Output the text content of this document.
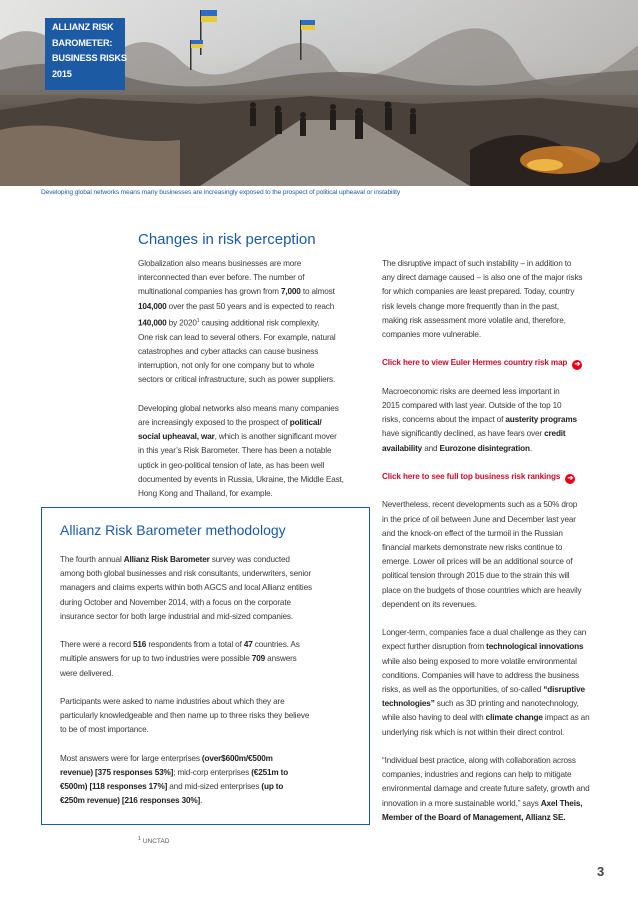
ALLIANZ RISK
BAROMETER:
BUSINESS RISKS
2015
Developing global networks means many businesses are increasingly exposed to the prospect of political upheaval or instability
Changes in risk perception

Globalization also means businesses are more
interconnected than ever before. The number of
multinational companies has grown from 7,000 to almost
104,000 over the past 50 years and is expected to reach
140,000 by 2020$^1$ causing additional risk complexity.
One risk can lead to several others. For example, natural
catastrophes and cyber attacks can cause business
interruption, not only for one company but to whole
sectors or critical infrastructure, such as power suppliers.

Developing global networks also means many companies
are increasingly exposed to the prospect of political/
social upheaval, war, which is another significant mover
in this year’s Risk Barometer. There has been a notable
uptick in geo-political tension of late, as has been well
documented by events in Russia, Ukraine, the Middle East,
Hong Kong and Thailand, for example.

The disruptive impact of such instability – in addition to
any direct damage caused – is also one of the major risks
for which companies are least prepared. Today, country
risk levels change more frequently than in the past,
making risk assessment more volatile and, therefore,
companies more vulnerable.

Click here to view Euler Hermes country risk map ➔

Macroeconomic risks are deemed less important in
2015 compared with last year. Outside of the top 10
risks, concerns about the impact of austerity programs
have significantly declined, as have fears over credit
availability and Eurozone disintegration.

Click here to see full top business risk rankings ➔

Nevertheless, recent developments such as a 50% drop
in the price of oil between June and December last year
and the knock-on effect of the turmoil in the Russian
financial markets demonstrate new risks continue to
emerge. Lower oil prices will be an additional source of
political tension through 2015 due to the strain this will
place on the budgets of those countries which are heavily
dependent on its revenues.

Longer-term, companies face a dual challenge as they can
expect further disruption from technological innovations
while also being exposed to more volatile environmental
conditions. Companies will have to address the business
risks, as well as the opportunities, of so-called “disruptive
technologies” such as 3D printing and nanotechnology,
while also having to deal with climate change impact as an
underlying risk which is not within their direct control.

“Individual best practice, along with collaboration across
companies, industries and regions can help to mitigate
environmental damage and create future safety, growth and
innovation in a more sustainable world,” says Axel Theis,
Member of the Board of Management, Allianz SE.

Allianz Risk Barometer methodology

The fourth annual Allianz Risk Barometer survey was conducted
among both global businesses and risk consultants, underwriters, senior
managers and claims experts within both AGCS and local Allianz entities
during October and November 2014, with a focus on the corporate
insurance sector for both large industrial and mid-sized companies.

There were a record 516 respondents from a total of 47 countries. As
multiple answers for up to two industries were possible 709 answers
were delivered.

Participants were asked to name industries about which they are
particularly knowledgeable and then name up to three risks they believe
to be of most importance.

Most answers were for large enterprises (over$600m/€500m
revenue) [375 responses 53%]; mid-corp enterprises (€251m to
€500m) [118 responses 17%] and mid-sized enterprises (up to
€250m revenue) [216 responses 30%].

$^1$ UNCTAD
3
